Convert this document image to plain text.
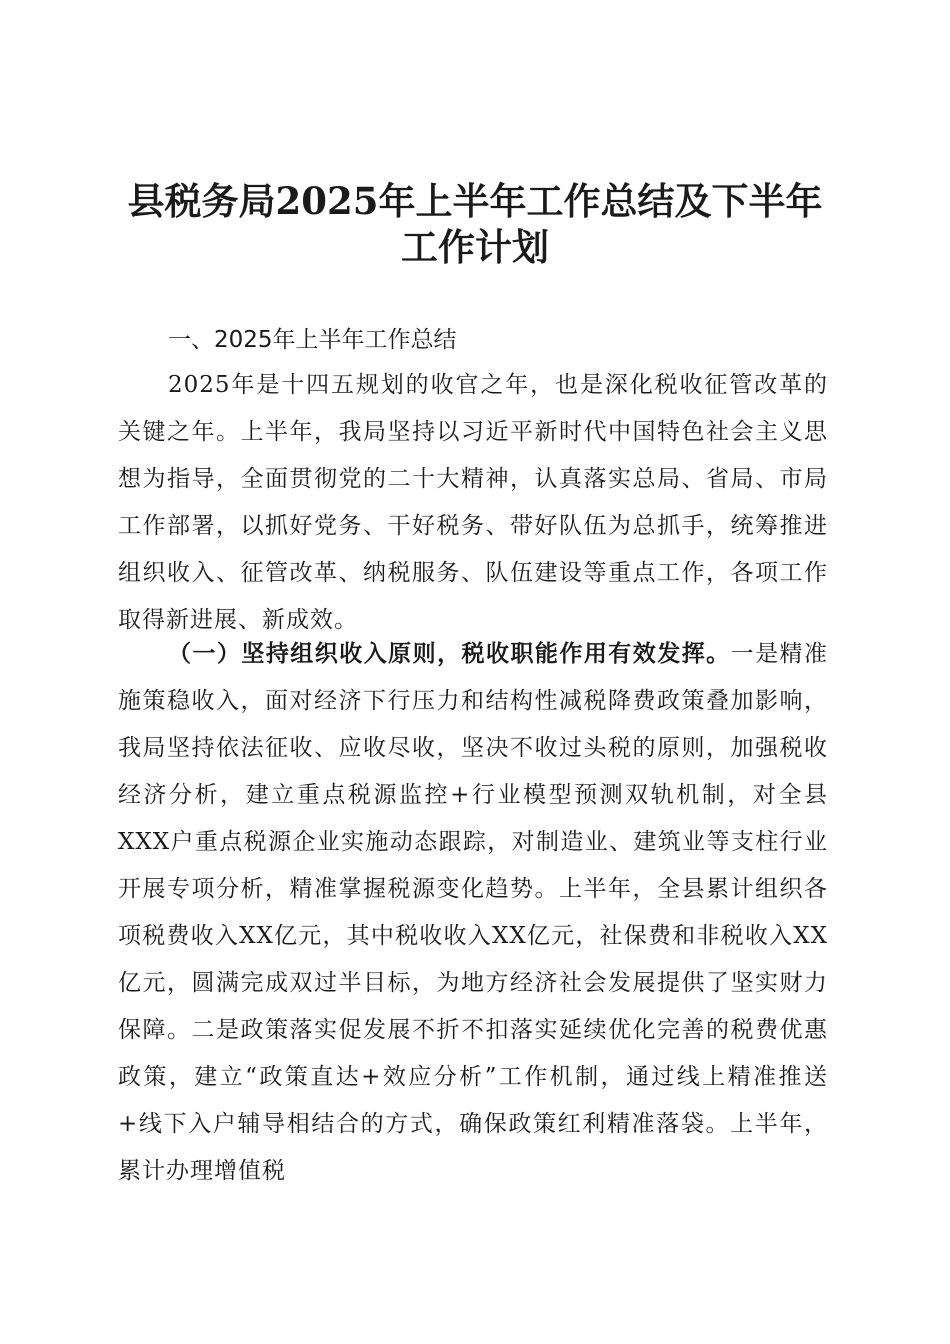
县税务局2025年上半年工作总结及下半年工作计划

一、2025年上半年工作总结

2025年是十四五规划的收官之年，也是深化税收征管改革的关键之年。上半年，我局坚持以习近平新时代中国特色社会主义思想为指导，全面贯彻党的二十大精神，认真落实总局、省局、市局工作部署，以抓好党务、干好税务、带好队伍为总抓手，统筹推进组织收入、征管改革、纳税服务、队伍建设等重点工作，各项工作取得新进展、新成效。

（一）坚持组织收入原则，税收职能作用有效发挥。一是精准施策稳收入，面对经济下行压力和结构性减税降费政策叠加影响，我局坚持依法征收、应收尽收，坚决不收过头税的原则，加强税收经济分析，建立重点税源监控+行业模型预测双轨机制，对全县XXX户重点税源企业实施动态跟踪，对制造业、建筑业等支柱行业开展专项分析，精准掌握税源变化趋势。上半年，全县累计组织各项税费收入XX亿元，其中税收收入XX亿元，社保费和非税收入XX亿元，圆满完成双过半目标，为地方经济社会发展提供了坚实财力保障。二是政策落实促发展不折不扣落实延续优化完善的税费优惠政策，建立“政策直达+效应分析”工作机制，通过线上精准推送+线下入户辅导相结合的方式，确保政策红利精准落袋。上半年，累计办理增值税
